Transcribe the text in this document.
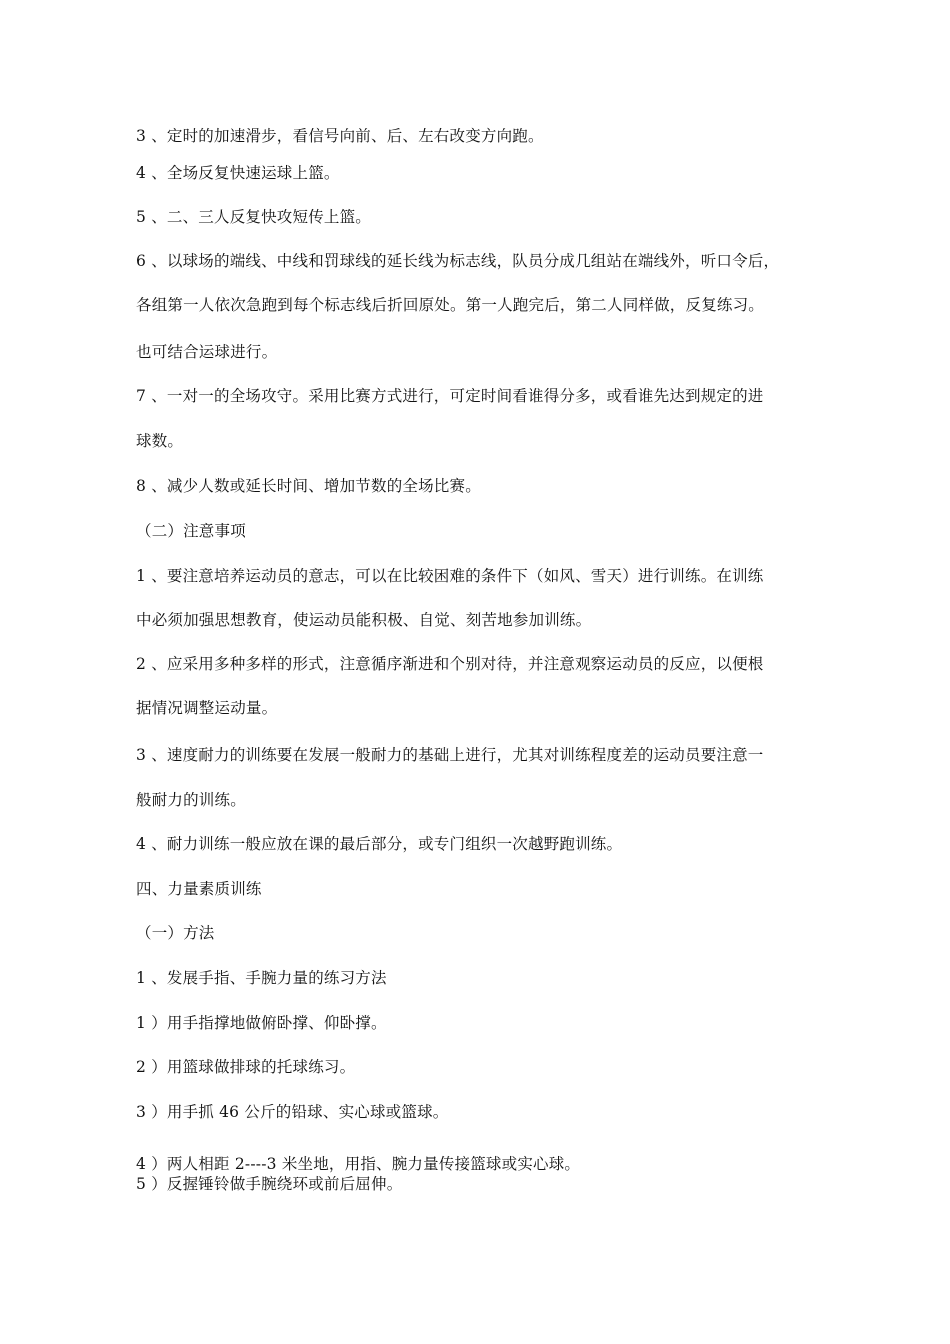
3 、定时的加速滑步，看信号向前、后、左右改变方向跑。
4 、全场反复快速运球上篮。
5 、二、三人反复快攻短传上篮。
6 、以球场的端线、中线和罚球线的延长线为标志线，队员分成几组站在端线外，听口令后，
各组第一人依次急跑到每个标志线后折回原处。第一人跑完后，第二人同样做，反复练习。
也可结合运球进行。
7 、一对一的全场攻守。采用比赛方式进行，可定时间看谁得分多，或看谁先达到规定的进
球数。
8 、减少人数或延长时间、增加节数的全场比赛。
（二）注意事项
1 、要注意培养运动员的意志，可以在比较困难的条件下（如风、雪天）进行训练。在训练
中必须加强思想教育，使运动员能积极、自觉、刻苦地参加训练。
2 、应采用多种多样的形式，注意循序渐进和个别对待，并注意观察运动员的反应，以便根
据情况调整运动量。
3 、速度耐力的训练要在发展一般耐力的基础上进行，尤其对训练程度差的运动员要注意一
般耐力的训练。
4 、耐力训练一般应放在课的最后部分，或专门组织一次越野跑训练。
四、力量素质训练
（一）方法
1 、发展手指、手腕力量的练习方法
1 ）用手指撑地做俯卧撑、仰卧撑。
2 ）用篮球做排球的托球练习。
3 ）用手抓 46 公斤的铅球、实心球或篮球。
4 ）两人相距 2----3 米坐地，用指、腕力量传接篮球或实心球。
5 ）反握锤铃做手腕绕环或前后屈伸。
